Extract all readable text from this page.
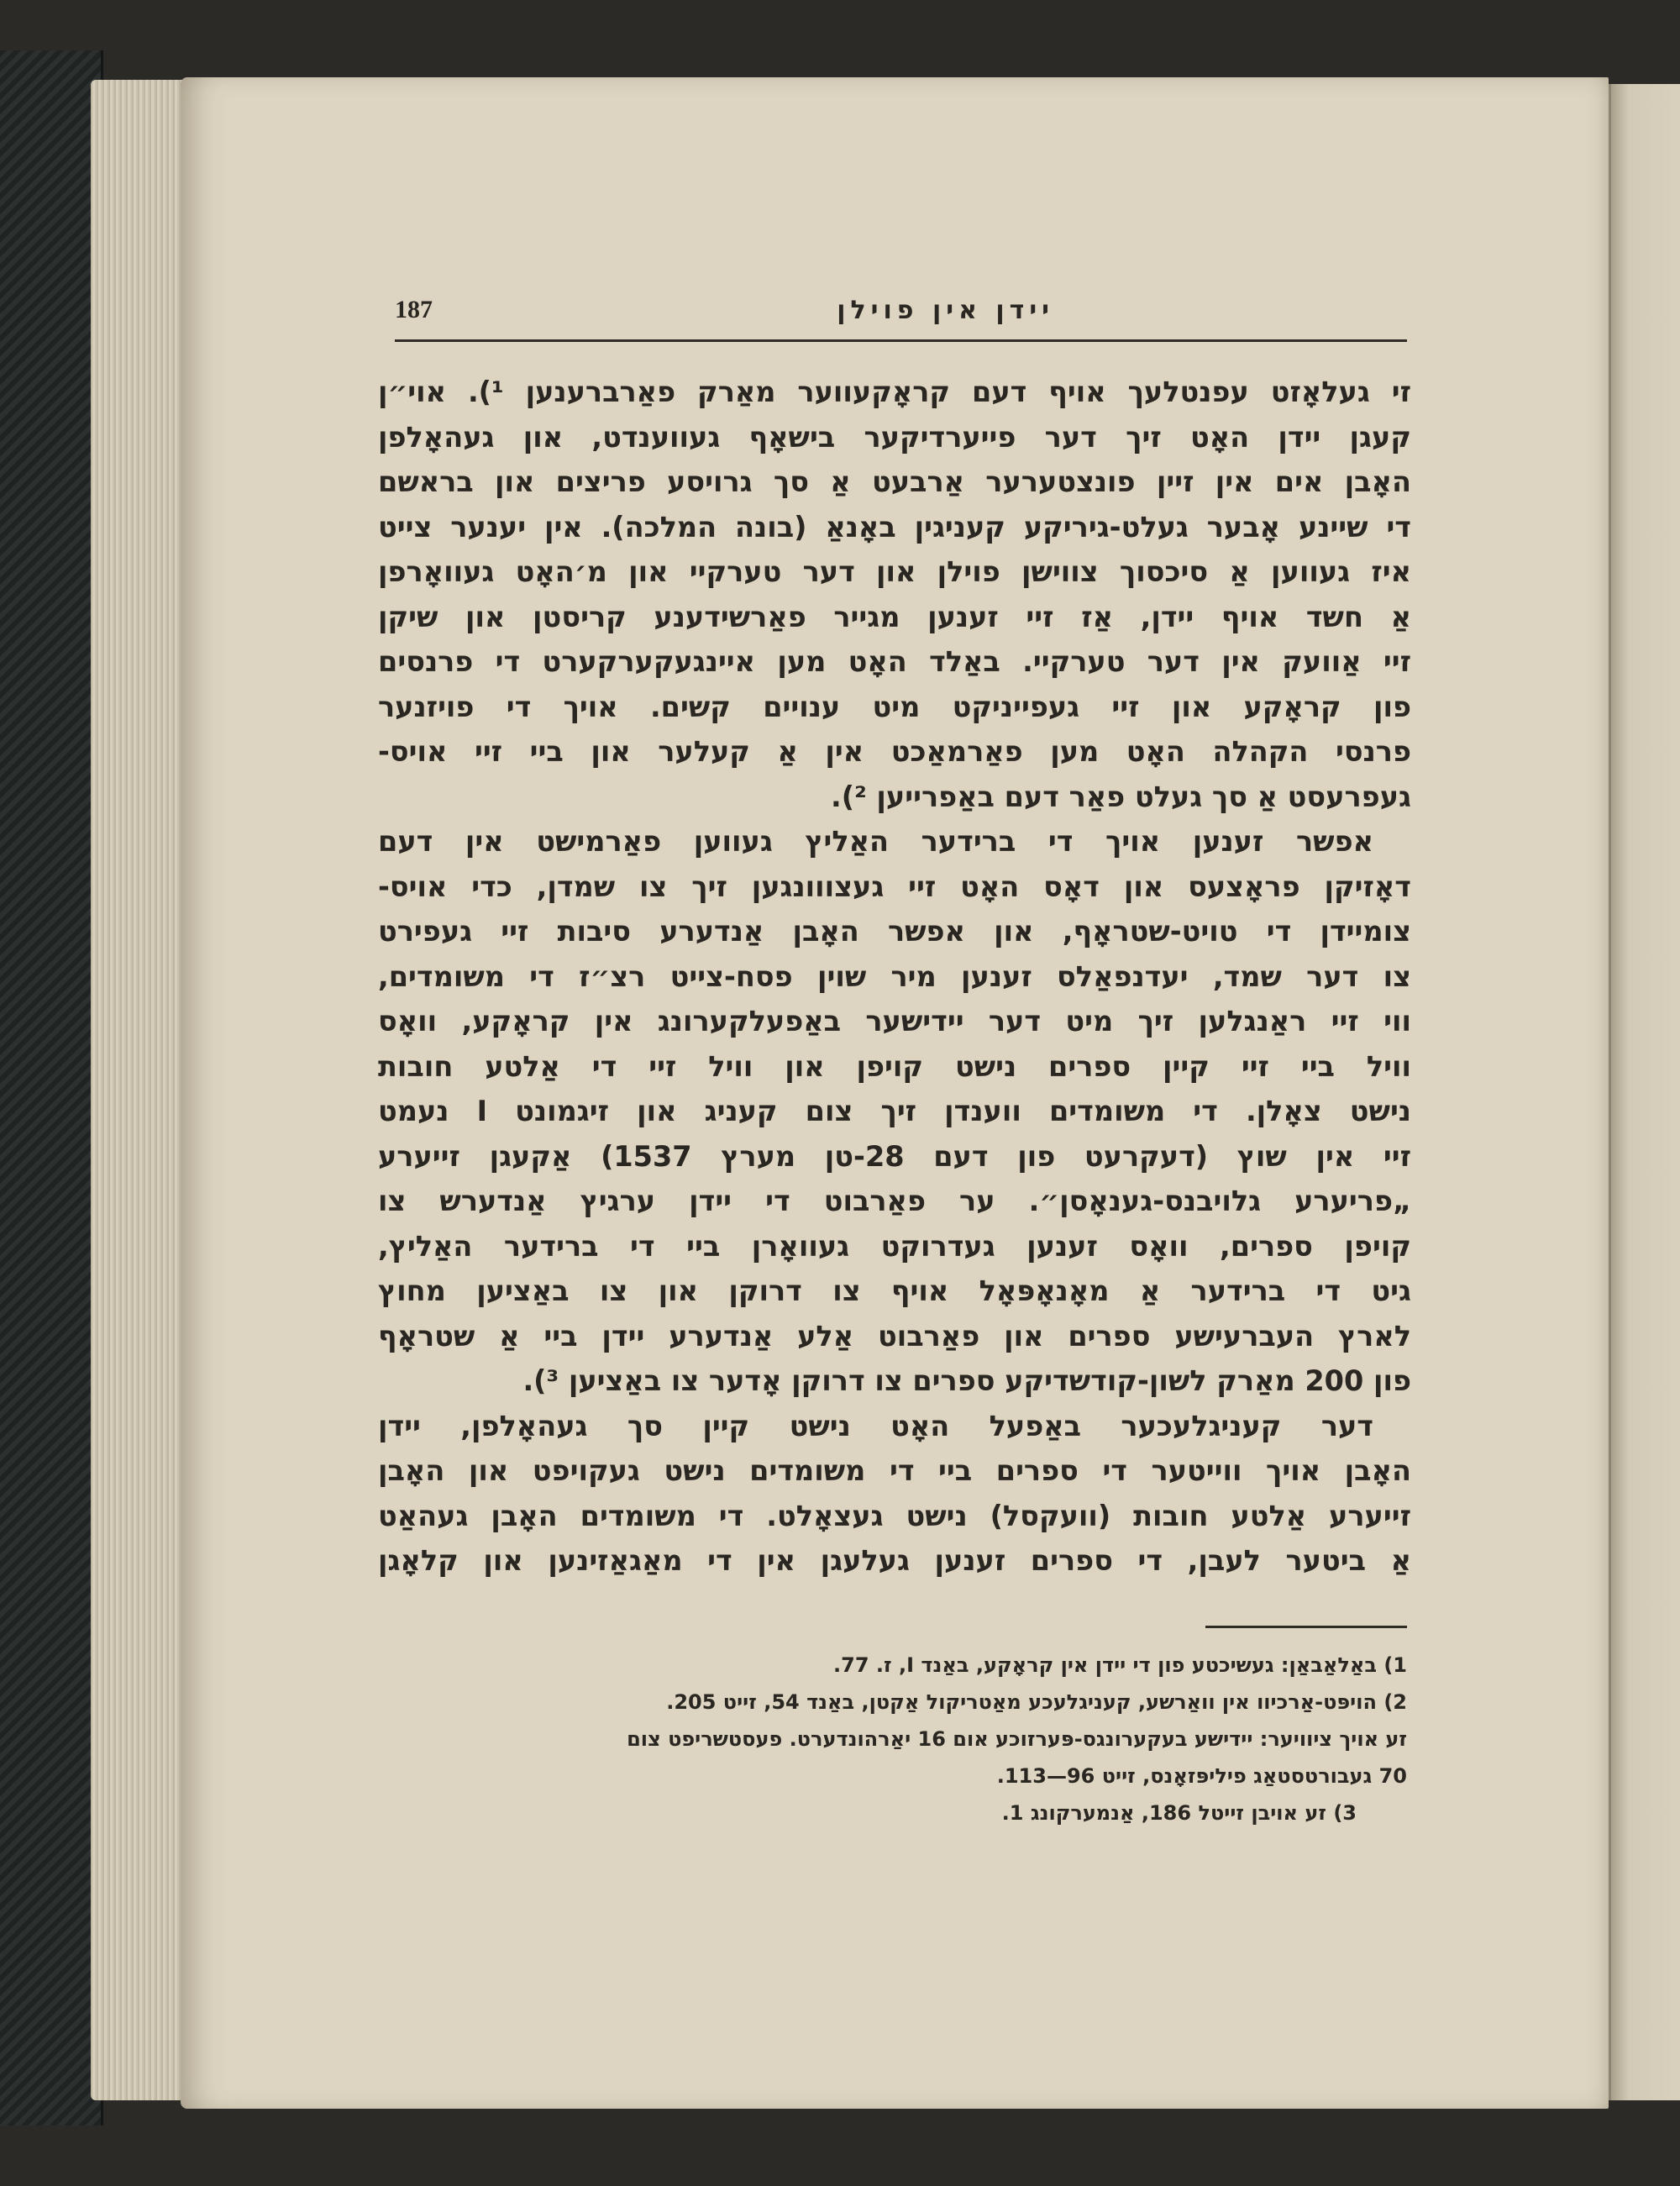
187	יידן אין פוילן
זי געלאָזט עפנטלעך אויף דעם קראָקעווער מאַרק פאַרברענען ¹). אוי״ן
קעגן יידן האָט זיך דער פייערדיקער בישאָף געווענדט, און געהאָלפן
האָבן אים אין זיין פונצטערער אַרבעט אַ סך גרויסע פריצים און בראשם
די שיינע אָבער געלט-גיריקע קעניגין באָנאַ (בונה המלכה). אין יענער צייט
איז געווען אַ סיכסוך צווישן פוילן און דער טערקיי און מ׳האָט געוואָרפן
אַ חשד אויף יידן, אַז זיי זענען מגייר פאַרשידענע קריסטן און שיקן
זיי אַוועק אין דער טערקיי. באַלד האָט מען איינגעקערקערט די פרנסים
פון קראָקע און זיי געפייניקט מיט ענויים קשים. אויך די פויזנער
פרנסי הקהלה האָט מען פאַרמאַכט אין אַ קעלער און ביי זיי אויס-
געפרעסט אַ סך געלט פאַר דעם באַפרייען ²).
אפשר זענען אויך די ברידער האַליץ געווען פאַרמישט אין דעם
דאָזיקן פראָצעס און דאָס האָט זיי געצווונגען זיך צו שמדן, כדי אויס-
צומיידן די טויט-שטראָף, און אפשר האָבן אַנדערע סיבות זיי געפירט
צו דער שמד, יעדנפאַלס זענען מיר שוין פסח-צייט רצ״ז די משומדים,
ווי זיי ראַנגלען זיך מיט דער יידישער באַפעלקערונג אין קראָקע, וואָס
וויל ביי זיי קיין ספרים נישט קויפן און וויל זיי די אַלטע חובות
נישט צאָלן. די משומדים ווענדן זיך צום קעניג און זיגמונט I נעמט
זיי אין שוץ (דעקרעט פון דעם 28-טן מערץ 1537) אַקעגן זייערע
„פריערע גלויבנס-גענאָסן״. ער פאַרבוט די יידן ערגיץ אַנדערש צו
קויפן ספרים, וואָס זענען געדרוקט געוואָרן ביי די ברידער האַליץ,
גיט די ברידער אַ מאָנאָפּאָל אויף צו דרוקן און צו באַציען מחוץ
לארץ העברעישע ספרים און פאַרבוט אַלע אַנדערע יידן ביי אַ שטראָף
פון 200 מאַרק לשון-קודשדיקע ספרים צו דרוקן אָדער צו באַציען ³).
דער קעניגלעכער באַפעל האָט נישט קיין סך געהאָלפן, יידן
האָבן אויך ווייטער די ספרים ביי די משומדים נישט געקויפט און האָבן
זייערע אַלטע חובות (וועקסל) נישט געצאָלט. די משומדים האָבן געהאַט
אַ ביטער לעבן, די ספרים זענען געלעגן אין די מאַגאַזינען און קלאָגן
1) באַלאַבאַן: געשיכטע פון די יידן אין קראָקע, באַנד I, ז. 77.
2) הויפּט-אַרכיוו אין וואַרשע, קעניגלעכע מאַטריקול אַקטן, באַנד 54, זייט 205.
זע אויך ציוויער: יידישע בעקערונגס-פּערזוכע אום 16 יאַרהונדערט. פעסטשריפט צום
70 געבורטסטאַג פיליפּזאָנס, זייט 96—113.
3) זע אויבן זייטל 186, אַנמערקונג 1.
